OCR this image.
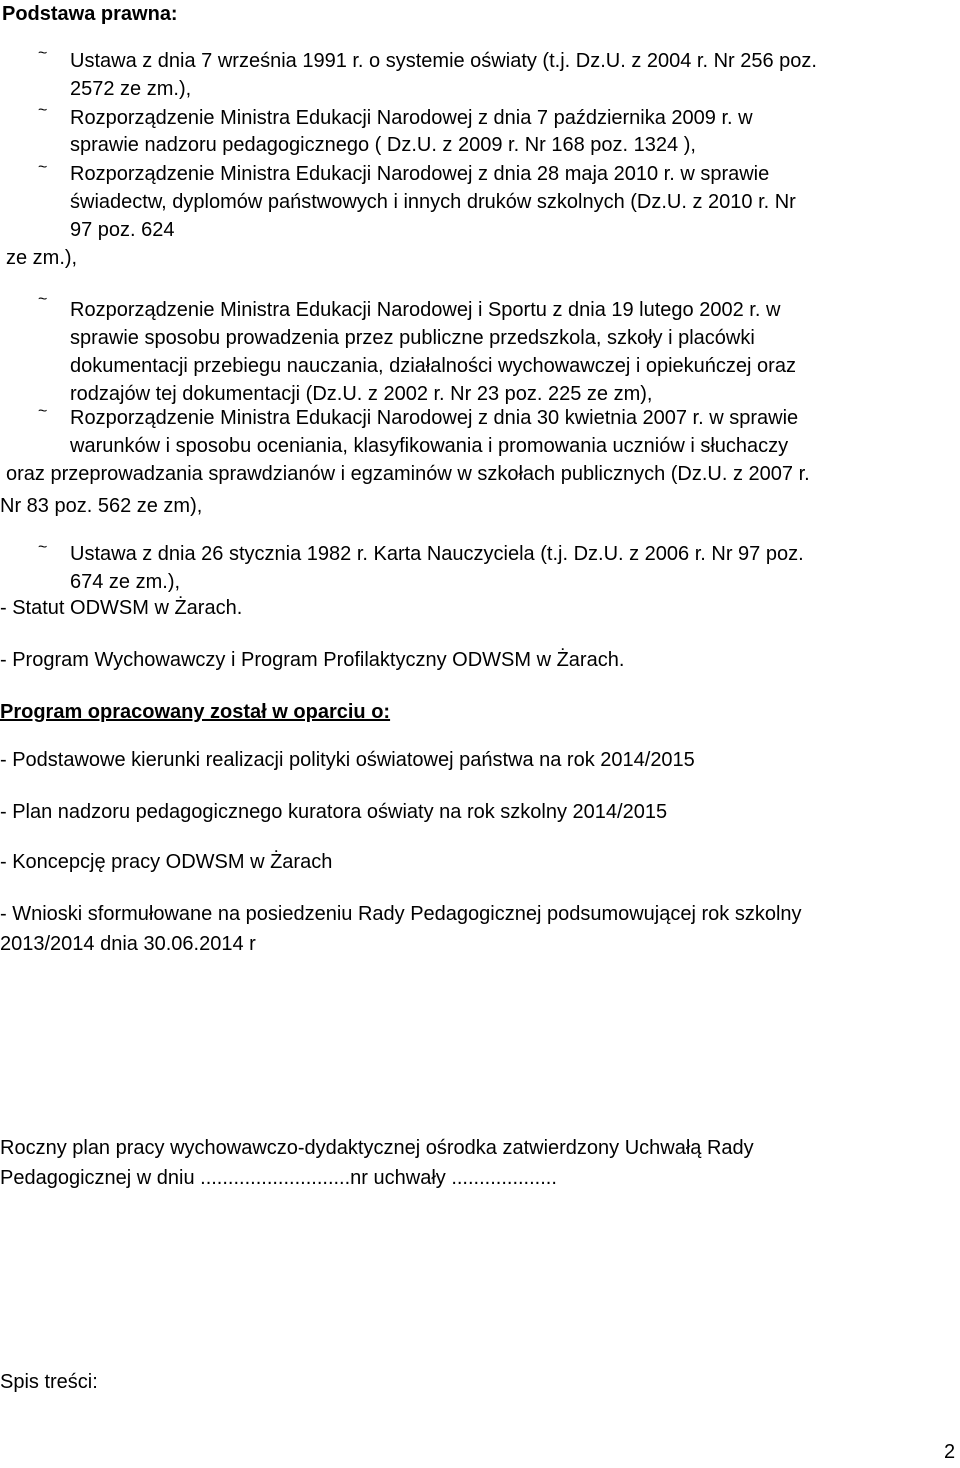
Podstawa prawna:
~ Ustawa z dnia 7 września 1991 r. o systemie oświaty (t.j. Dz.U. z 2004 r. Nr 256 poz.
2572 ze zm.),
~ Rozporządzenie Ministra Edukacji Narodowej z dnia 7 października 2009 r. w
sprawie nadzoru pedagogicznego ( Dz.U. z 2009 r. Nr 168 poz. 1324 ),
~ Rozporządzenie Ministra Edukacji Narodowej z dnia 28 maja 2010 r. w sprawie
świadectw, dyplomów państwowych i innych druków szkolnych (Dz.U. z 2010 r. Nr
97 poz. 624
ze zm.),
~ Rozporządzenie Ministra Edukacji Narodowej i Sportu z dnia 19 lutego 2002 r. w
sprawie sposobu prowadzenia przez publiczne przedszkola, szkoły i placówki
dokumentacji przebiegu nauczania, działalności wychowawczej i opiekuńczej oraz
rodzajów tej dokumentacji (Dz.U. z 2002 r. Nr 23 poz. 225 ze zm),
~ Rozporządzenie Ministra Edukacji Narodowej z dnia 30 kwietnia 2007 r. w sprawie
warunków i sposobu oceniania, klasyfikowania i promowania uczniów i słuchaczy
oraz przeprowadzania sprawdzianów i egzaminów w szkołach publicznych (Dz.U. z 2007 r.
Nr 83 poz. 562 ze zm),
~ Ustawa z dnia 26 stycznia 1982 r. Karta Nauczyciela (t.j. Dz.U. z 2006 r. Nr 97 poz.
674 ze zm.),
- Statut ODWSM w Żarach.
- Program Wychowawczy i Program Profilaktyczny ODWSM w Żarach.
Program opracowany został w oparciu o:
- Podstawowe kierunki realizacji polityki oświatowej państwa na rok 2014/2015
- Plan nadzoru pedagogicznego kuratora oświaty na rok szkolny 2014/2015
- Koncepcję pracy ODWSM w Żarach
- Wnioski sformułowane na posiedzeniu Rady Pedagogicznej podsumowującej rok szkolny
2013/2014 dnia 30.06.2014 r
Roczny plan pracy wychowawczo-dydaktycznej ośrodka zatwierdzony Uchwałą Rady
Pedagogicznej w dniu ...........................nr uchwały ...................
Spis treści:
2
